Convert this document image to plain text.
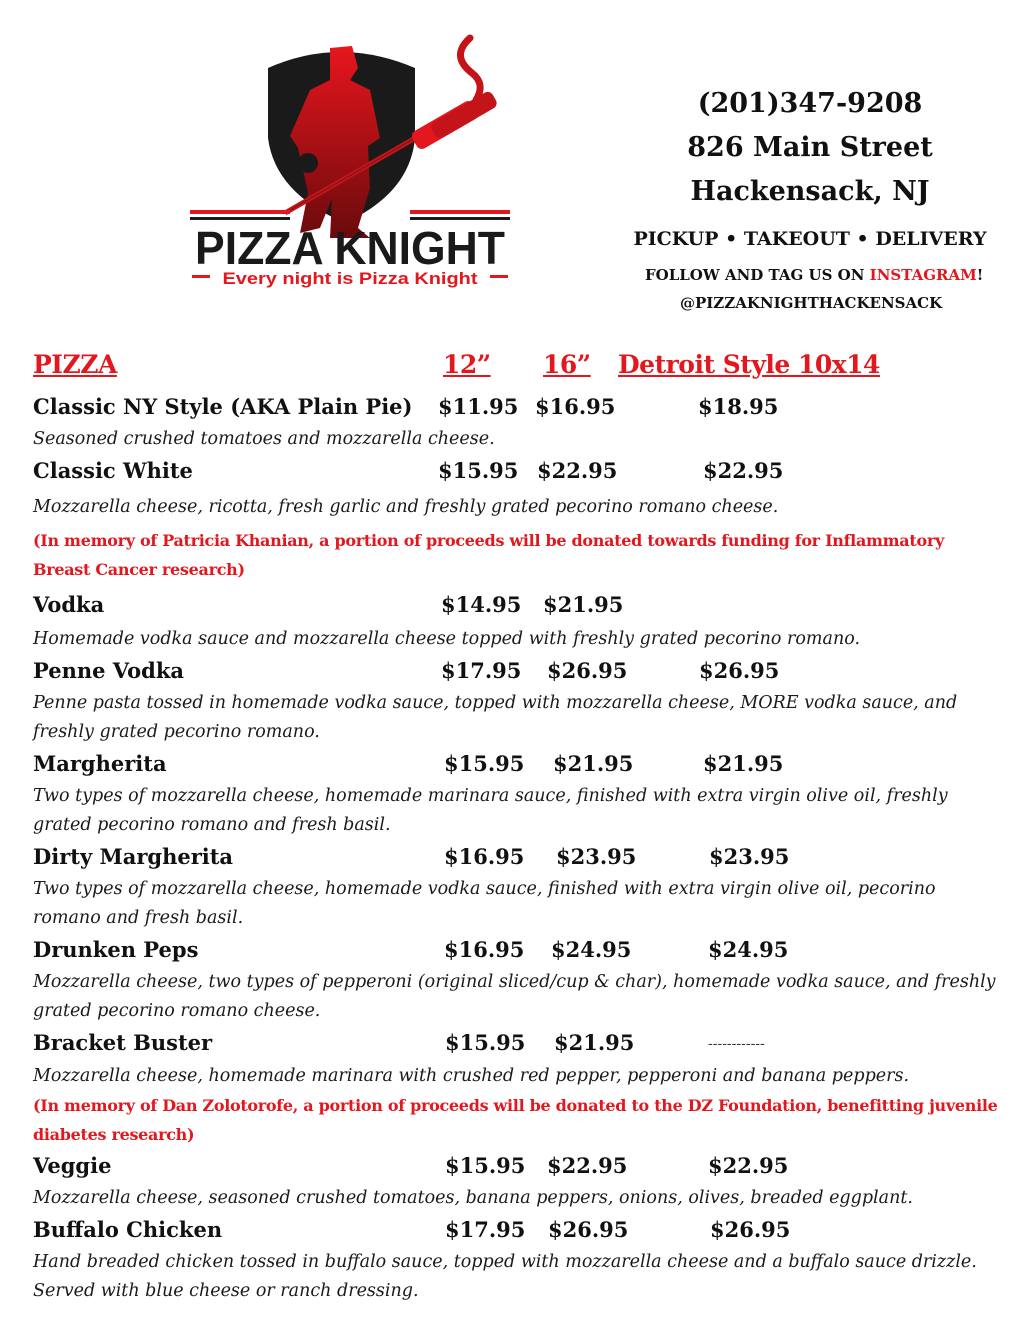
PIZZA KNIGHT
Every night is Pizza Knight
(201)347-9208
826 Main Street
Hackensack, NJ
PICKUP • TAKEOUT • DELIVERY
FOLLOW AND TAG US ON INSTAGRAM!
@PIZZAKNIGHTHACKENSACK
PIZZA	12” 16” Detroit Style 10x14
Classic NY Style (AKA Plain Pie) $11.95 $16.95	$18.95
Seasoned crushed tomatoes and mozzarella cheese.
Classic White	$15.95 $22.95	$22.95
Mozzarella cheese, ricotta, fresh garlic and freshly grated pecorino romano cheese.
(In memory of Patricia Khanian, a portion of proceeds will be donated towards funding for Inflammatory Breast Cancer research)
Vodka	$14.95 $21.95
Homemade vodka sauce and mozzarella cheese topped with freshly grated pecorino romano.
Penne Vodka	$17.95 $26.95	$26.95
Penne pasta tossed in homemade vodka sauce, topped with mozzarella cheese, MORE vodka sauce, and freshly grated pecorino romano.
Margherita	$15.95 $21.95	$21.95
Two types of mozzarella cheese, homemade marinara sauce, finished with extra virgin olive oil, freshly grated pecorino romano and fresh basil.
Dirty Margherita	$16.95 $23.95	$23.95
Two types of mozzarella cheese, homemade vodka sauce, finished with extra virgin olive oil, pecorino romano and fresh basil.
Drunken Peps	$16.95 $24.95	$24.95
Mozzarella cheese, two types of pepperoni (original sliced/cup & char), homemade vodka sauce, and freshly grated pecorino romano cheese.
Bracket Buster	$15.95 $21.95	------------
Mozzarella cheese, homemade marinara with crushed red pepper, pepperoni and banana peppers.
(In memory of Dan Zolotorofe, a portion of proceeds will be donated to the DZ Foundation, benefitting juvenile diabetes research)
Veggie	$15.95 $22.95	$22.95
Mozzarella cheese, seasoned crushed tomatoes, banana peppers, onions, olives, breaded eggplant.
Buffalo Chicken	$17.95 $26.95	$26.95
Hand breaded chicken tossed in buffalo sauce, topped with mozzarella cheese and a buffalo sauce drizzle. Served with blue cheese or ranch dressing.
